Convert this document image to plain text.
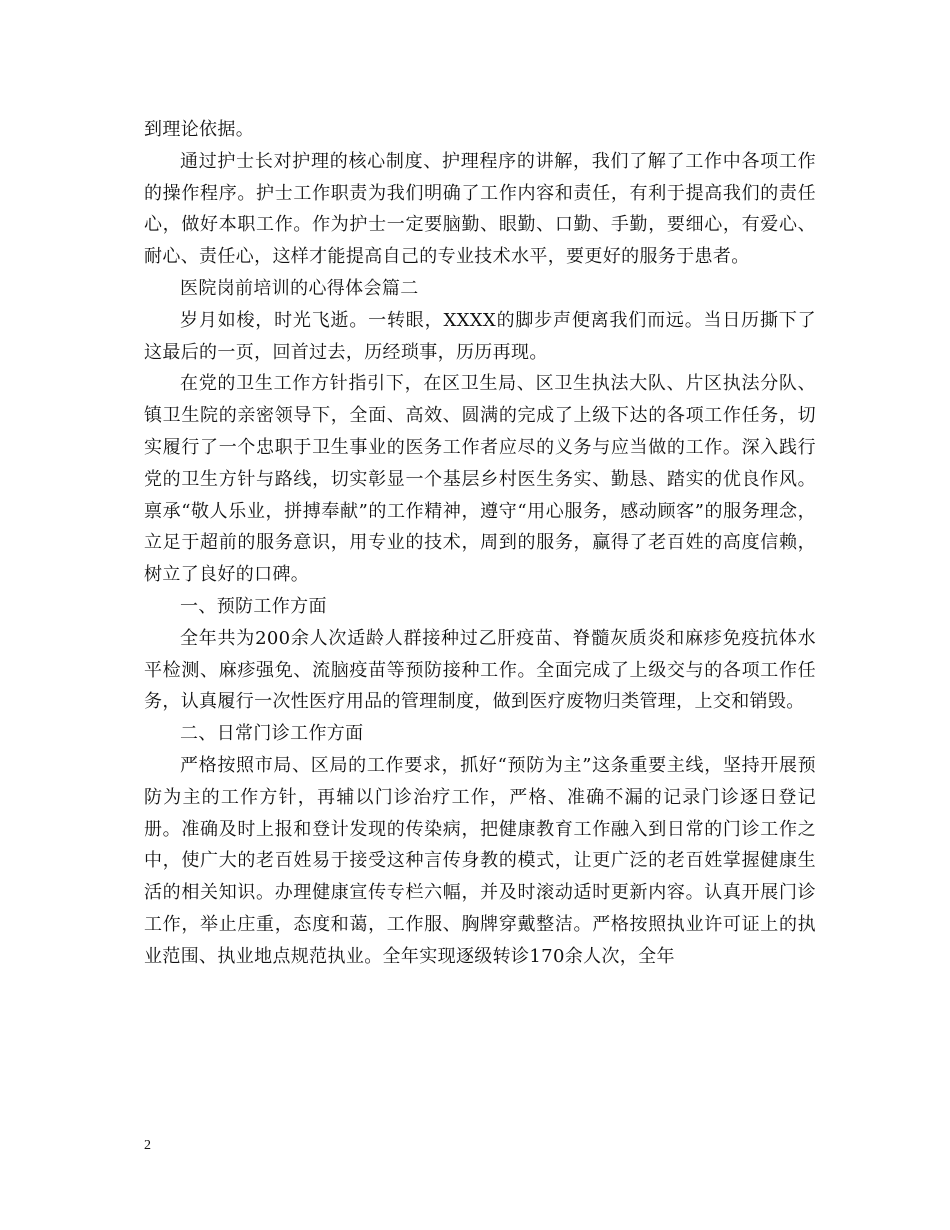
到理论依据。

通过护士长对护理的核心制度、护理程序的讲解，我们了解了工作中各项工作的操作程序。护士工作职责为我们明确了工作内容和责任，有利于提高我们的责任心，做好本职工作。作为护士一定要脑勤、眼勤、口勤、手勤，要细心，有爱心、耐心、责任心，这样才能提高自己的专业技术水平，要更好的服务于患者。

医院岗前培训的心得体会篇二

岁月如梭，时光飞逝。一转眼，XXXX的脚步声便离我们而远。当日历撕下了这最后的一页，回首过去，历经琐事，历历再现。

在党的卫生工作方针指引下，在区卫生局、区卫生执法大队、片区执法分队、镇卫生院的亲密领导下，全面、高效、圆满的完成了上级下达的各项工作任务，切实履行了一个忠职于卫生事业的医务工作者应尽的义务与应当做的工作。深入践行党的卫生方针与路线，切实彰显一个基层乡村医生务实、勤恳、踏实的优良作风。禀承“敬人乐业，拼搏奉献”的工作精神，遵守“用心服务，感动顾客”的服务理念，立足于超前的服务意识，用专业的技术，周到的服务，赢得了老百姓的高度信赖，树立了良好的口碑。

一、预防工作方面

全年共为200余人次适龄人群接种过乙肝疫苗、脊髓灰质炎和麻疹免疫抗体水平检测、麻疹强免、流脑疫苗等预防接种工作。全面完成了上级交与的各项工作任务，认真履行一次性医疗用品的管理制度，做到医疗废物归类管理，上交和销毁。

二、日常门诊工作方面

严格按照市局、区局的工作要求，抓好“预防为主”这条重要主线，坚持开展预防为主的工作方针，再辅以门诊治疗工作，严格、准确不漏的记录门诊逐日登记册。准确及时上报和登计发现的传染病，把健康教育工作融入到日常的门诊工作之中，使广大的老百姓易于接受这种言传身教的模式，让更广泛的老百姓掌握健康生活的相关知识。办理健康宣传专栏六幅，并及时滚动适时更新内容。认真开展门诊工作，举止庄重，态度和蔼，工作服、胸牌穿戴整洁。严格按照执业许可证上的执业范围、执业地点规范执业。全年实现逐级转诊170余人次，全年

2
